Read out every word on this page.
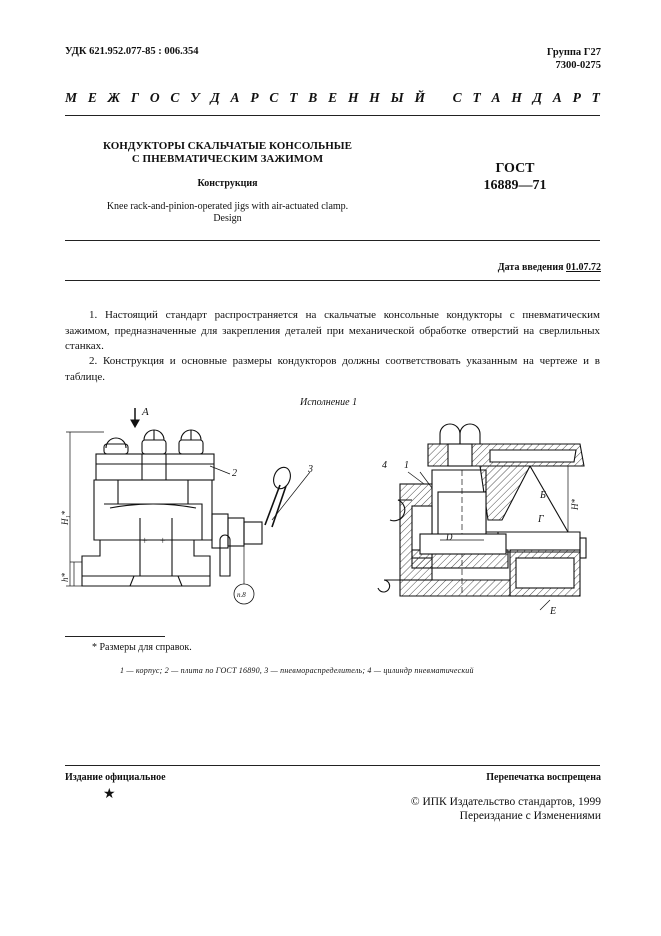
УДК 621.952.077-85 : 006.354	Группа Г27
7300-0275
М Е Ж Г О С У Д А Р С Т В Е Н Н Ы Й С Т А Н Д А Р Т
КОНДУКТОРЫ СКАЛЬЧАТЫЕ КОНСОЛЬНЫЕ
С ПНЕВМАТИЧЕСКИМ ЗАЖИМОМ
Конструкция
Knee rack-and-pinion-operated jigs with air-actuated clamp.
Design
ГОСТ
16889—71
Дата введения 01.07.72
1. Настоящий стандарт распространяется на скальчатые консольные кондукторы с пневматическим зажимом, предназначенные для закрепления деталей при механической обработке отверстий на сверлильных станках.
2. Конструкция и основные размеры кондукторов должны соответствовать указанным на чертеже и в таблице.
Исполнение 1
+ +
A
2	3
H₁*
h*
п.8
4 1
D
Б
Г
H*
Е
* Размеры для справок.
1 — корпус; 2 — плита по ГОСТ 16890, 3 — пневмораспределитель; 4 — цилиндр пневматический
Издание официальное	Перепечатка воспрещена
★	© ИПК Издательство стандартов, 1999
Переиздание с Изменениями
